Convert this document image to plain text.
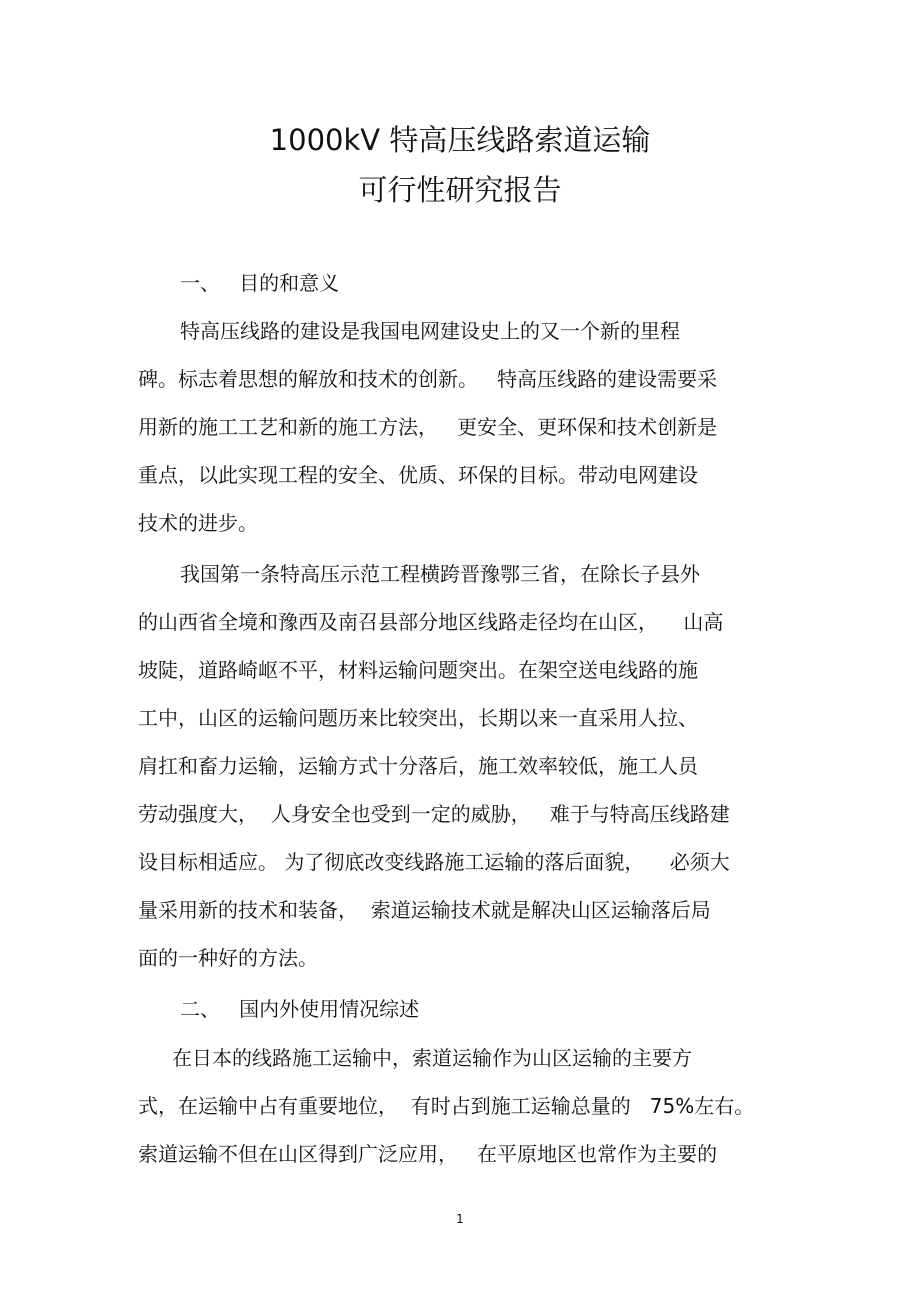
1000kV 特高压线路索道运输
可行性研究报告
一、   目的和意义
特高压线路的建设是我国电网建设史上的又一个新的里程
碑。标志着思想的解放和技术的创新。   特高压线路的建设需要采
用新的施工工艺和新的施工方法，   更安全、更环保和技术创新是
重点，以此实现工程的安全、优质、环保的目标。带动电网建设
技术的进步。
我国第一条特高压示范工程横跨晋豫鄂三省，在除长子县外
的山西省全境和豫西及南召县部分地区线路走径均在山区，    山高
坡陡，道路崎岖不平，材料运输问题突出。在架空送电线路的施
工中，山区的运输问题历来比较突出，长期以来一直采用人拉、
肩扛和畜力运输，运输方式十分落后，施工效率较低，施工人员
劳动强度大，  人身安全也受到一定的威胁，   难于与特高压线路建
设目标相适应。 为了彻底改变线路施工运输的落后面貌，    必须大
量采用新的技术和装备，  索道运输技术就是解决山区运输落后局
面的一种好的方法。
二、   国内外使用情况综述
在日本的线路施工运输中，索道运输作为山区运输的主要方
式，在运输中占有重要地位，  有时占到施工运输总量的   75%左右。
索道运输不但在山区得到广泛应用，   在平原地区也常作为主要的
1
